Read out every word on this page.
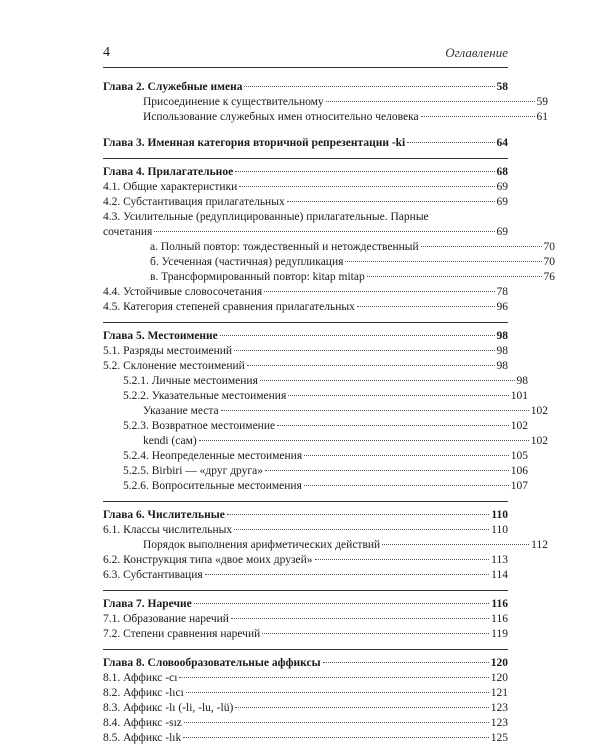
4	Оглавление
Глава 2. Служебные имена	58
Присоединение к существительному	59
Использование служебных имен относительно человека	61
Глава 3. Именная категория вторичной репрезентации -ki	64
Глава 4. Прилагательное	68
4.1. Общие характеристики	69
4.2. Субстантивация прилагательных	69
4.3. Усилительные (редуплицированные) прилагательные. Парные
сочетания	69
а. Полный повтор: тождественный и нетождественный	70
б. Усеченная (частичная) редупликация	70
в. Трансформированный повтор: kitap mitap	76
4.4. Устойчивые словосочетания	78
4.5. Категория степеней сравнения прилагательных	96
Глава 5. Местоимение	98
5.1. Разряды местоимений	98
5.2. Склонение местоимений	98
5.2.1. Личные местоимения	98
5.2.2. Указательные местоимения	101
Указание места	102
5.2.3. Возвратное местоимение	102
kendi (сам)	102
5.2.4. Неопределенные местоимения	105
5.2.5. Birbiri — «друг друга»	106
5.2.6. Вопросительные местоимения	107
Глава 6. Числительные	110
6.1. Классы числительных	110
Порядок выполнения арифметических действий	112
6.2. Конструкция типа «двое моих друзей»	113
6.3. Субстантивация	114
Глава 7. Наречие	116
7.1. Образование наречий	116
7.2. Степени сравнения наречий	119
Глава 8. Словообразовательные аффиксы	120
8.1. Аффикс -cı	120
8.2. Аффикс -lıcı	121
8.3. Аффикс -lı (-li, -lu, -lü)	123
8.4. Аффикс -sız	123
8.5. Аффикс -lık	125
